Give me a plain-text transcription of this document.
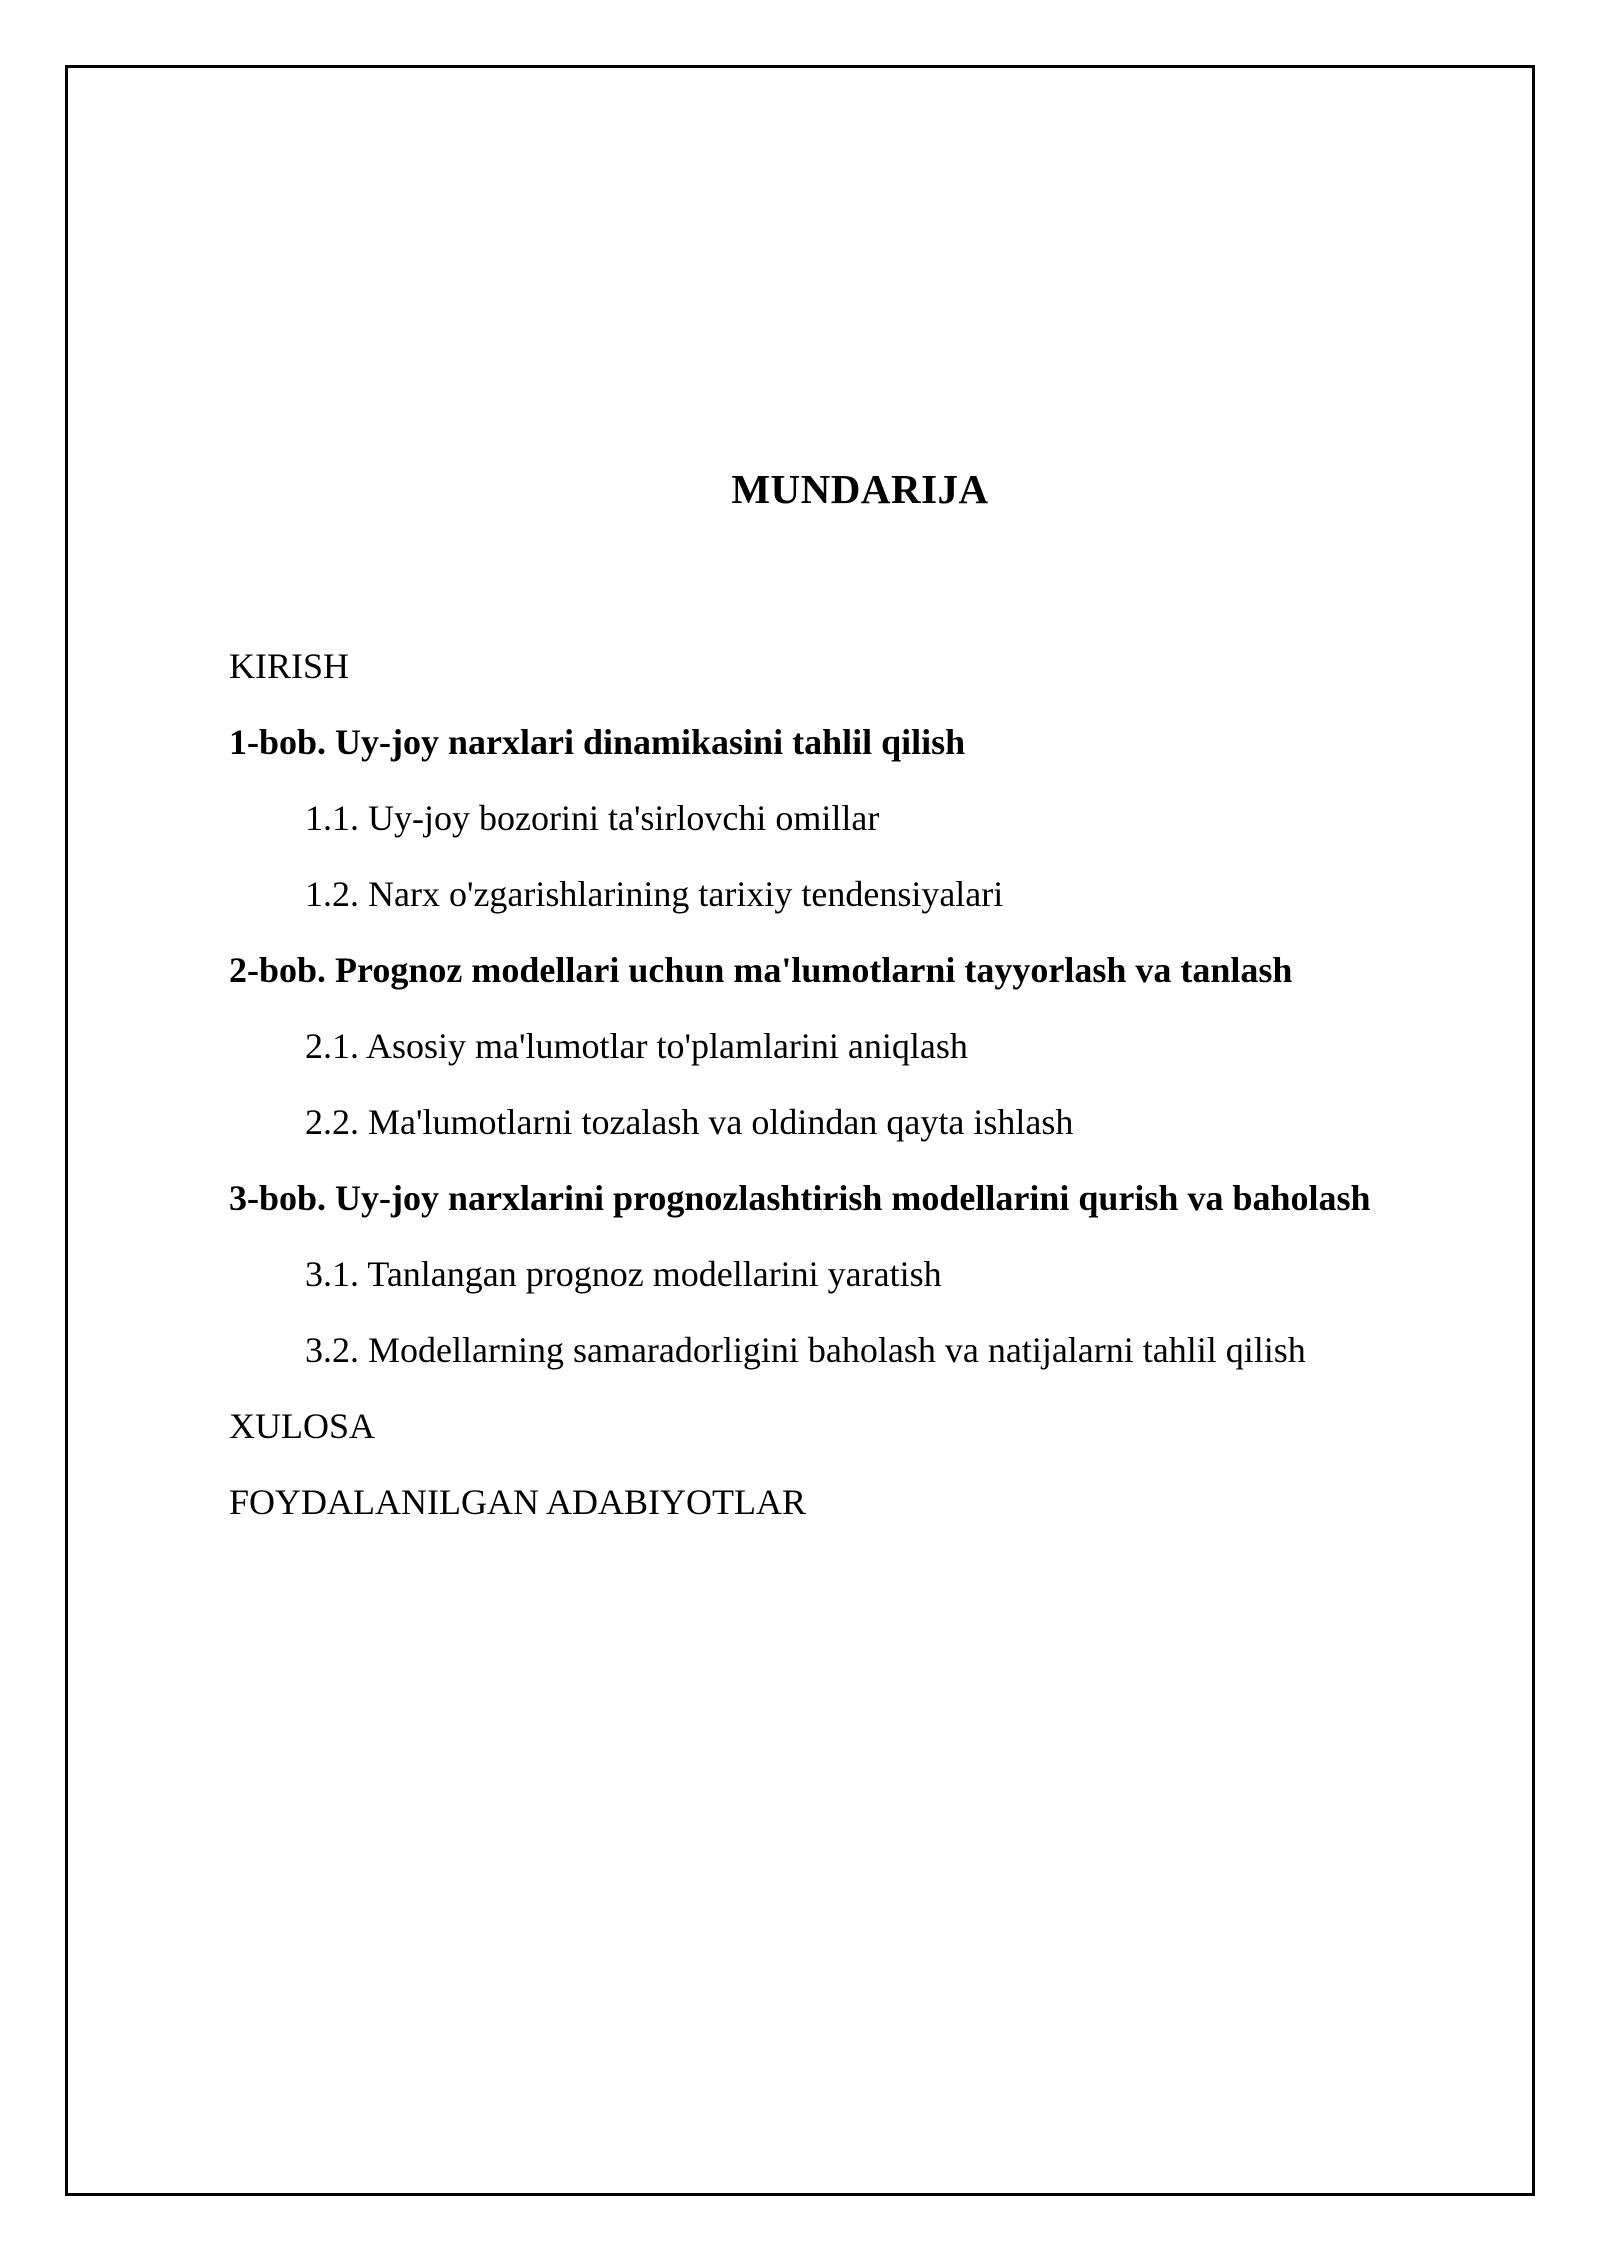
MUNDARIJA
KIRISH
1-bob. Uy-joy narxlari dinamikasini tahlil qilish
1.1. Uy-joy bozorini ta'sirlovchi omillar
1.2. Narx o'zgarishlarining tarixiy tendensiyalari
2-bob. Prognoz modellari uchun ma'lumotlarni tayyorlash va tanlash
2.1. Asosiy ma'lumotlar to'plamlarini aniqlash
2.2. Ma'lumotlarni tozalash va oldindan qayta ishlash
3-bob. Uy-joy narxlarini prognozlashtirish modellarini qurish va baholash
3.1. Tanlangan prognoz modellarini yaratish
3.2. Modellarning samaradorligini baholash va natijalarni tahlil qilish
XULOSA
FOYDALANILGAN ADABIYOTLAR
